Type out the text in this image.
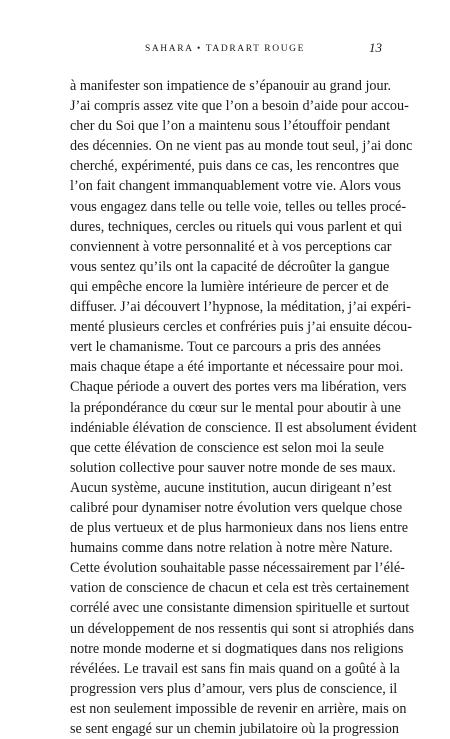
SAHARA • TADRART ROUGE	13
à manifester son impatience de s’épanouir au grand jour.
J’ai compris assez vite que l’on a besoin d’aide pour accou-
cher du Soi que l’on a maintenu sous l’étouffoir pendant
des décennies. On ne vient pas au monde tout seul, j’ai donc
cherché, expérimenté, puis dans ce cas, les rencontres que
l’on fait changent immanquablement votre vie. Alors vous
vous engagez dans telle ou telle voie, telles ou telles procé-
dures, techniques, cercles ou rituels qui vous parlent et qui
conviennent à votre personnalité et à vos perceptions car
vous sentez qu’ils ont la capacité de décroûter la gangue
qui empêche encore la lumière intérieure de percer et de
diffuser. J’ai découvert l’hypnose, la méditation, j’ai expéri-
menté plusieurs cercles et confréries puis j’ai ensuite décou-
vert le chamanisme. Tout ce parcours a pris des années
mais chaque étape a été importante et nécessaire pour moi.
Chaque période a ouvert des portes vers ma libération, vers
la prépondérance du cœur sur le mental pour aboutir à une
indéniable élévation de conscience. Il est absolument évident
que cette élévation de conscience est selon moi la seule
solution collective pour sauver notre monde de ses maux.
Aucun système, aucune institution, aucun dirigeant n’est
calibré pour dynamiser notre évolution vers quelque chose
de plus vertueux et de plus harmonieux dans nos liens entre
humains comme dans notre relation à notre mère Nature.
Cette évolution souhaitable passe nécessairement par l’élé-
vation de conscience de chacun et cela est très certainement
corrélé avec une consistante dimension spirituelle et surtout
un développement de nos ressentis qui sont si atrophiés dans
notre monde moderne et si dogmatiques dans nos religions
révélées. Le travail est sans fin mais quand on a goûté à la
progression vers plus d’amour, vers plus de conscience, il
est non seulement impossible de revenir en arrière, mais on
se sent engagé sur un chemin jubilatoire où la progression
